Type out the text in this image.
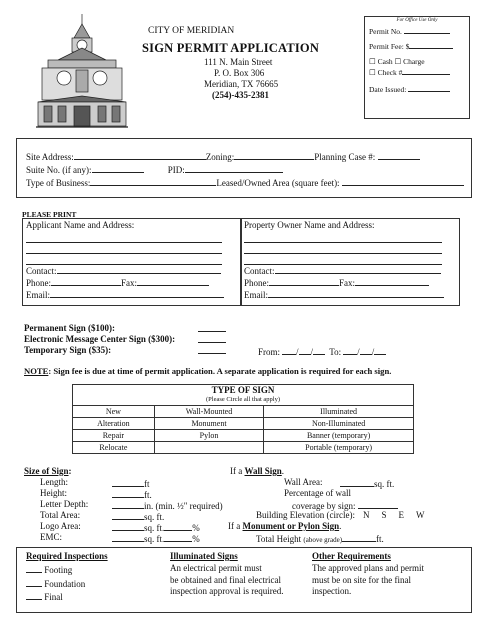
CITY OF MERIDIAN
SIGN PERMIT APPLICATION
111 N. Main Street
P. O. Box 306
Meridian, TX 76665
(254)-435-2381
For Office Use Only
Permit No.
Permit Fee: $
☐ Cash ☐ Charge
☐ Check #
Date Issued:
Site Address:	Zoning:	Planning Case #:
Suite No. (if any):	PID:
Type of Business:	Leased/Owned Area (square feet):
PLEASE PRINT
Applicant Name and Address:
Contact:
Phone:	Fax:
Email:
Property Owner Name and Address:
Contact:
Phone:	Fax:
Email:
Permanent Sign ($100):
Electronic Message Center Sign ($300):
Temporary Sign ($35):	From: / / To: / /
NOTE: Sign fee is due at time of permit application. A separate application is required for each sign.
TYPE OF SIGN
(Please Circle all that apply)
New	Wall-Mounted	Illuminated
Alteration	Monument	Non-Illuminated
Repair	Pylon	Banner (temporary)
Relocate		Portable (temporary)
Size of Sign:
Length:	ft
Height:	ft.
Letter Depth:	in. (min. ½" required)
Total Area:	sq. ft.
Logo Area:	sq. ft.	%
EMC:	sq. ft.	%
If a Wall Sign.
Wall Area:	sq. ft.
Percentage of wall
coverage by sign:
Building Elevation (circle): N S E W
If a Monument or Pylon Sign.
Total Height (above grade)	ft.
Required Inspections
Footing
Foundation
Final
Illuminated Signs
An electrical permit must
be obtained and final electrical
inspection approval is required.
Other Requirements
The approved plans and permit
must be on site for the final
inspection.
